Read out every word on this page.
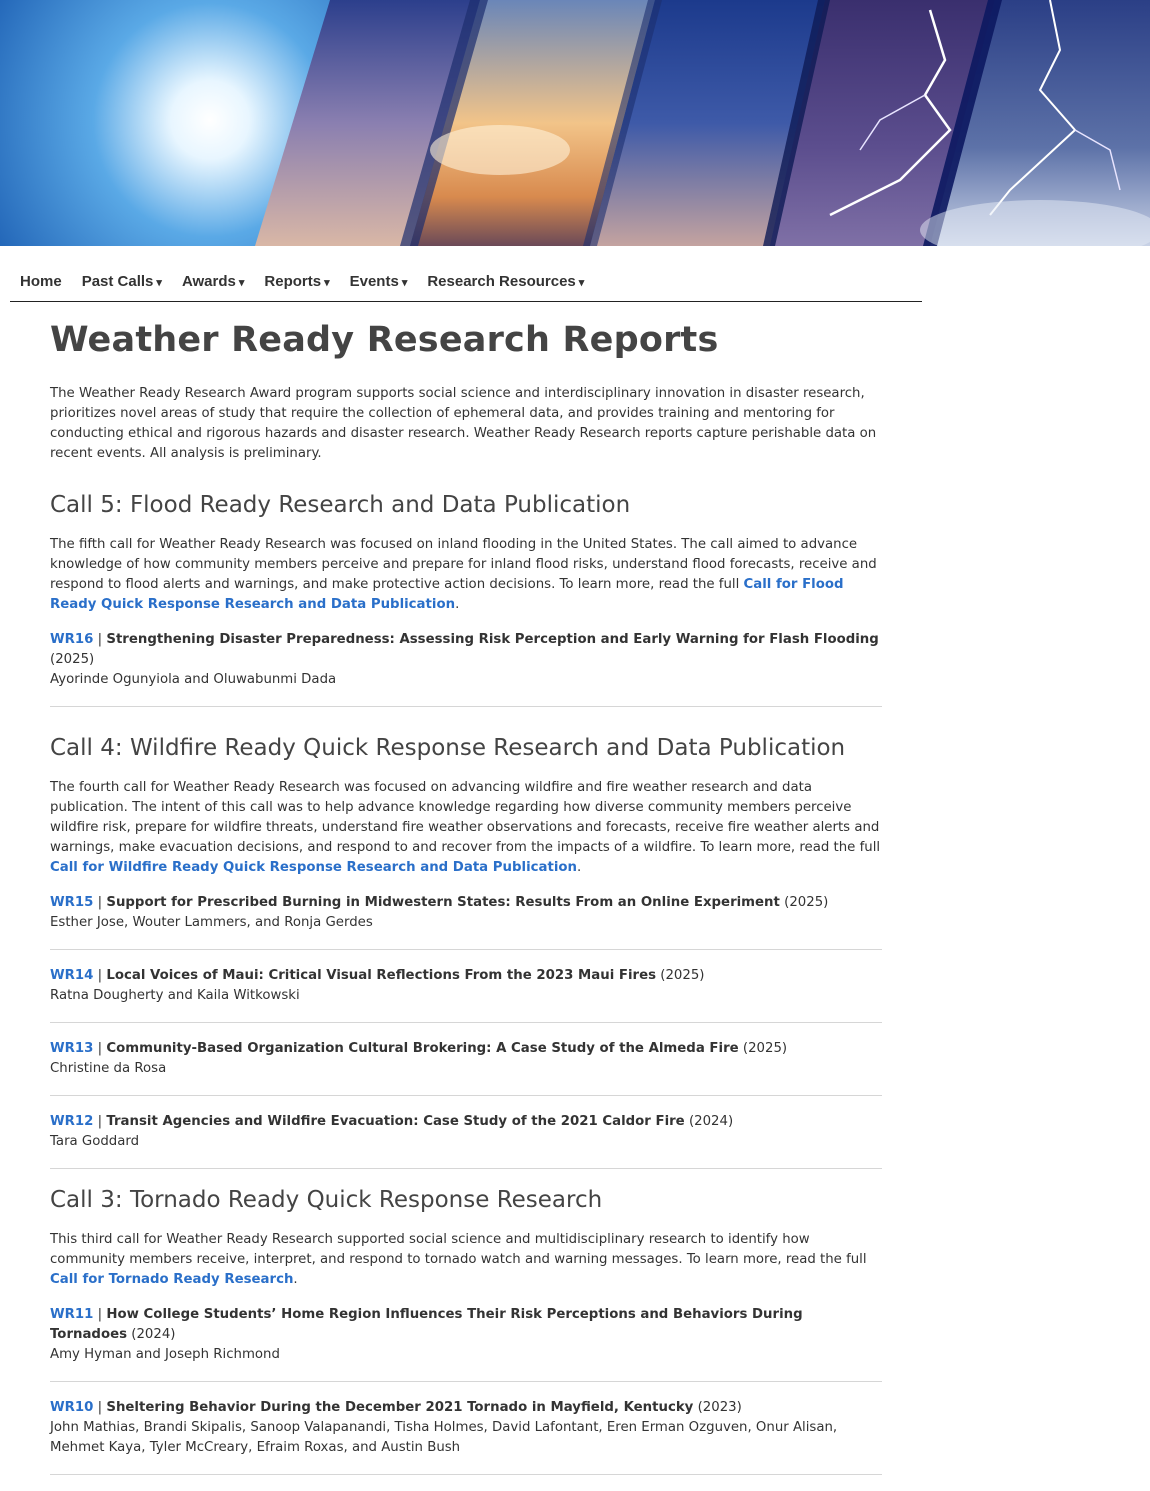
Home	Past Calls ▾	Awards ▾	Reports ▾	Events ▾	Research Resources ▾
Weather Ready Research Reports

The Weather Ready Research Award program supports social science and interdisciplinary innovation in disaster research, prioritizes novel areas of study that require the collection of ephemeral data, and provides training and mentoring for conducting ethical and rigorous hazards and disaster research. Weather Ready Research reports capture perishable data on recent events. All analysis is preliminary.

Call 5: Flood Ready Research and Data Publication

The fifth call for Weather Ready Research was focused on inland flooding in the United States. The call aimed to advance knowledge of how community members perceive and prepare for inland flood risks, understand flood forecasts, receive and respond to flood alerts and warnings, and make protective action decisions. To learn more, read the full Call for Flood Ready Quick Response Research and Data Publication.

WR16 | Strengthening Disaster Preparedness: Assessing Risk Perception and Early Warning for Flash Flooding (2025)
Ayorinde Ogunyiola and Oluwabunmi Dada
Call 4: Wildfire Ready Quick Response Research and Data Publication

The fourth call for Weather Ready Research was focused on advancing wildfire and fire weather research and data publication. The intent of this call was to help advance knowledge regarding how diverse community members perceive wildfire risk, prepare for wildfire threats, understand fire weather observations and forecasts, receive fire weather alerts and warnings, make evacuation decisions, and respond to and recover from the impacts of a wildfire. To learn more, read the full Call for Wildfire Ready Quick Response Research and Data Publication.

WR15 | Support for Prescribed Burning in Midwestern States: Results From an Online Experiment (2025)
Esther Jose, Wouter Lammers, and Ronja Gerdes
WR14 | Local Voices of Maui: Critical Visual Reflections From the 2023 Maui Fires (2025)
Ratna Dougherty and Kaila Witkowski
WR13 | Community-Based Organization Cultural Brokering: A Case Study of the Almeda Fire (2025)
Christine da Rosa
WR12 | Transit Agencies and Wildfire Evacuation: Case Study of the 2021 Caldor Fire (2024)
Tara Goddard
Call 3: Tornado Ready Quick Response Research

This third call for Weather Ready Research supported social science and multidisciplinary research to identify how community members receive, interpret, and respond to tornado watch and warning messages. To learn more, read the full Call for Tornado Ready Research.

WR11 | How College Students’ Home Region Influences Their Risk Perceptions and Behaviors During Tornadoes (2024)
Amy Hyman and Joseph Richmond
WR10 | Sheltering Behavior During the December 2021 Tornado in Mayfield, Kentucky (2023)
John Mathias, Brandi Skipalis, Sanoop Valapanandi, Tisha Holmes, David Lafontant, Eren Erman Ozguven, Onur Alisan, Mehmet Kaya, Tyler McCreary, Efraim Roxas, and Austin Bush
